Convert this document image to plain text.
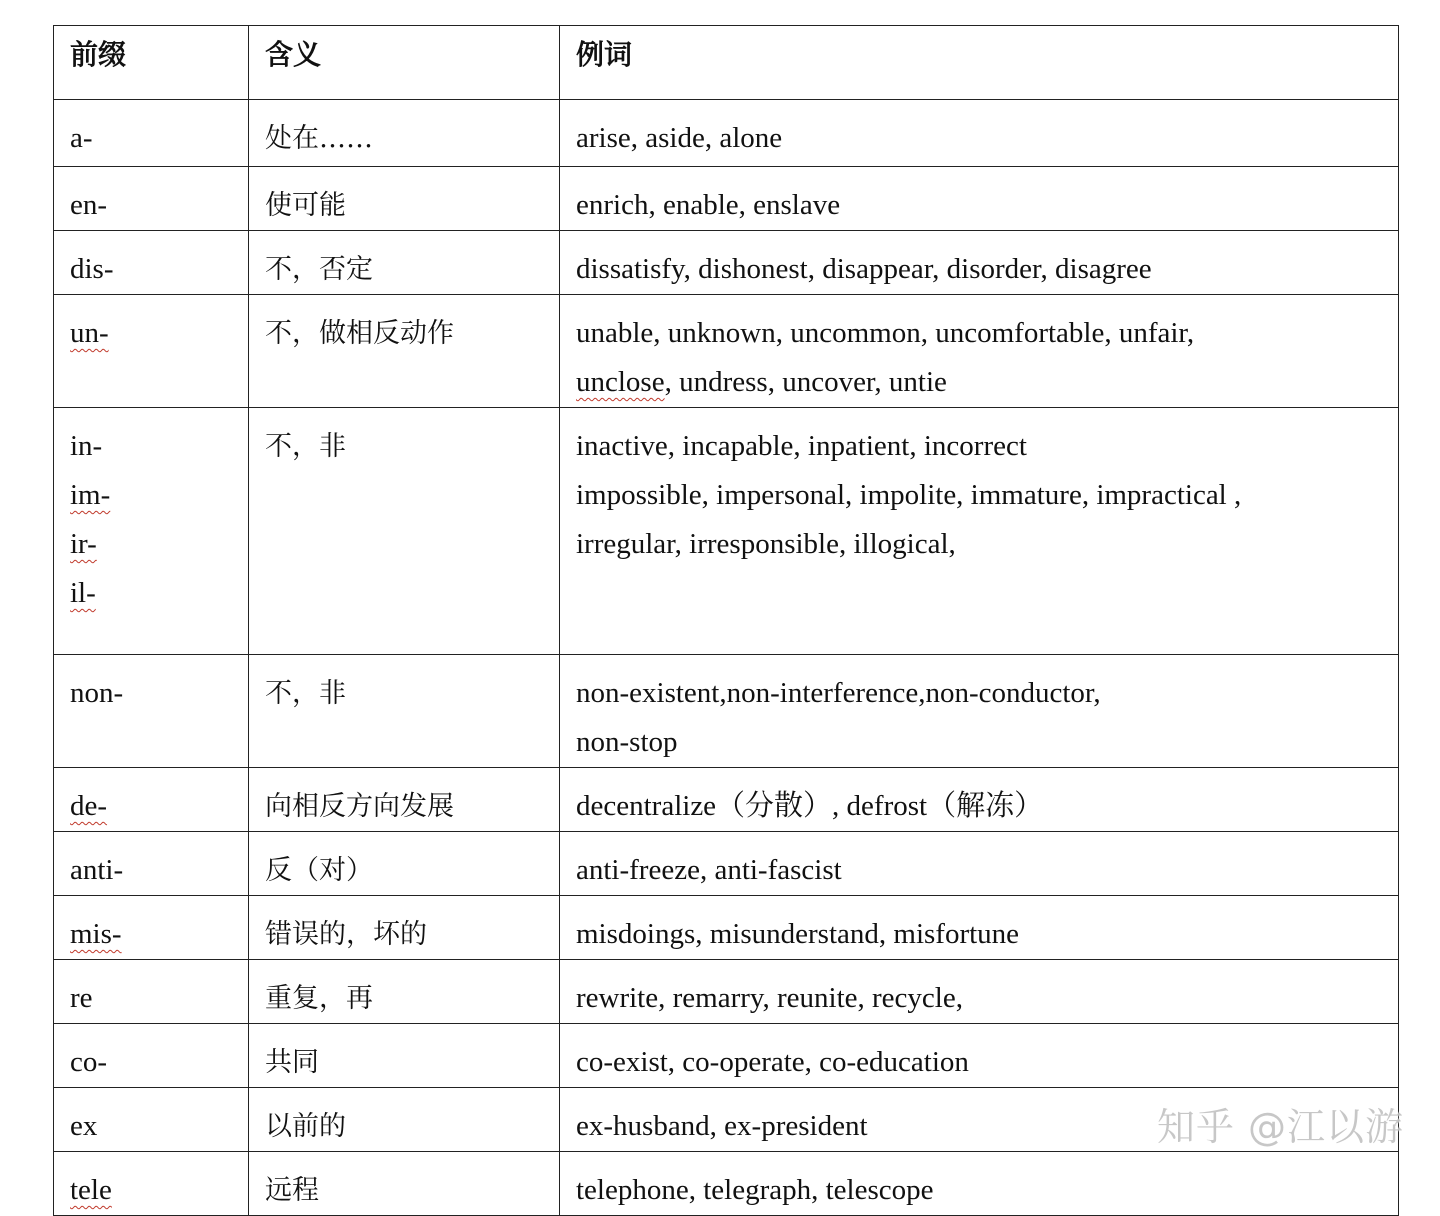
前缀	含义	例词

a-	处在……	arise, aside, alone

en-	使可能	enrich, enable, enslave

dis-	不，否定	dissatisfy, dishonest, disappear, disorder, disagree

un-	不，做相反动作	unable, unknown, uncommon, uncomfortable, unfair,
unclose, undress, uncover, untie

in-
im-
ir-
il-	不，非	inactive, incapable, inpatient, incorrect
impossible, impersonal, impolite, immature, impractical ,
irregular, irresponsible, illogical,

non-	不，非	non-existent,non-interference,non-conductor,
non-stop

de-	向相反方向发展	decentralize（分散）, defrost（解冻）

anti-	反（对）	anti-freeze, anti-fascist

mis-	错误的，坏的	misdoings, misunderstand, misfortune

re	重复，再	rewrite, remarry, reunite, recycle,

co-	共同	co-exist, co-operate, co-education

ex	以前的	ex-husband, ex-president

tele	远程	telephone, telegraph, telescope
知乎 @江以游
